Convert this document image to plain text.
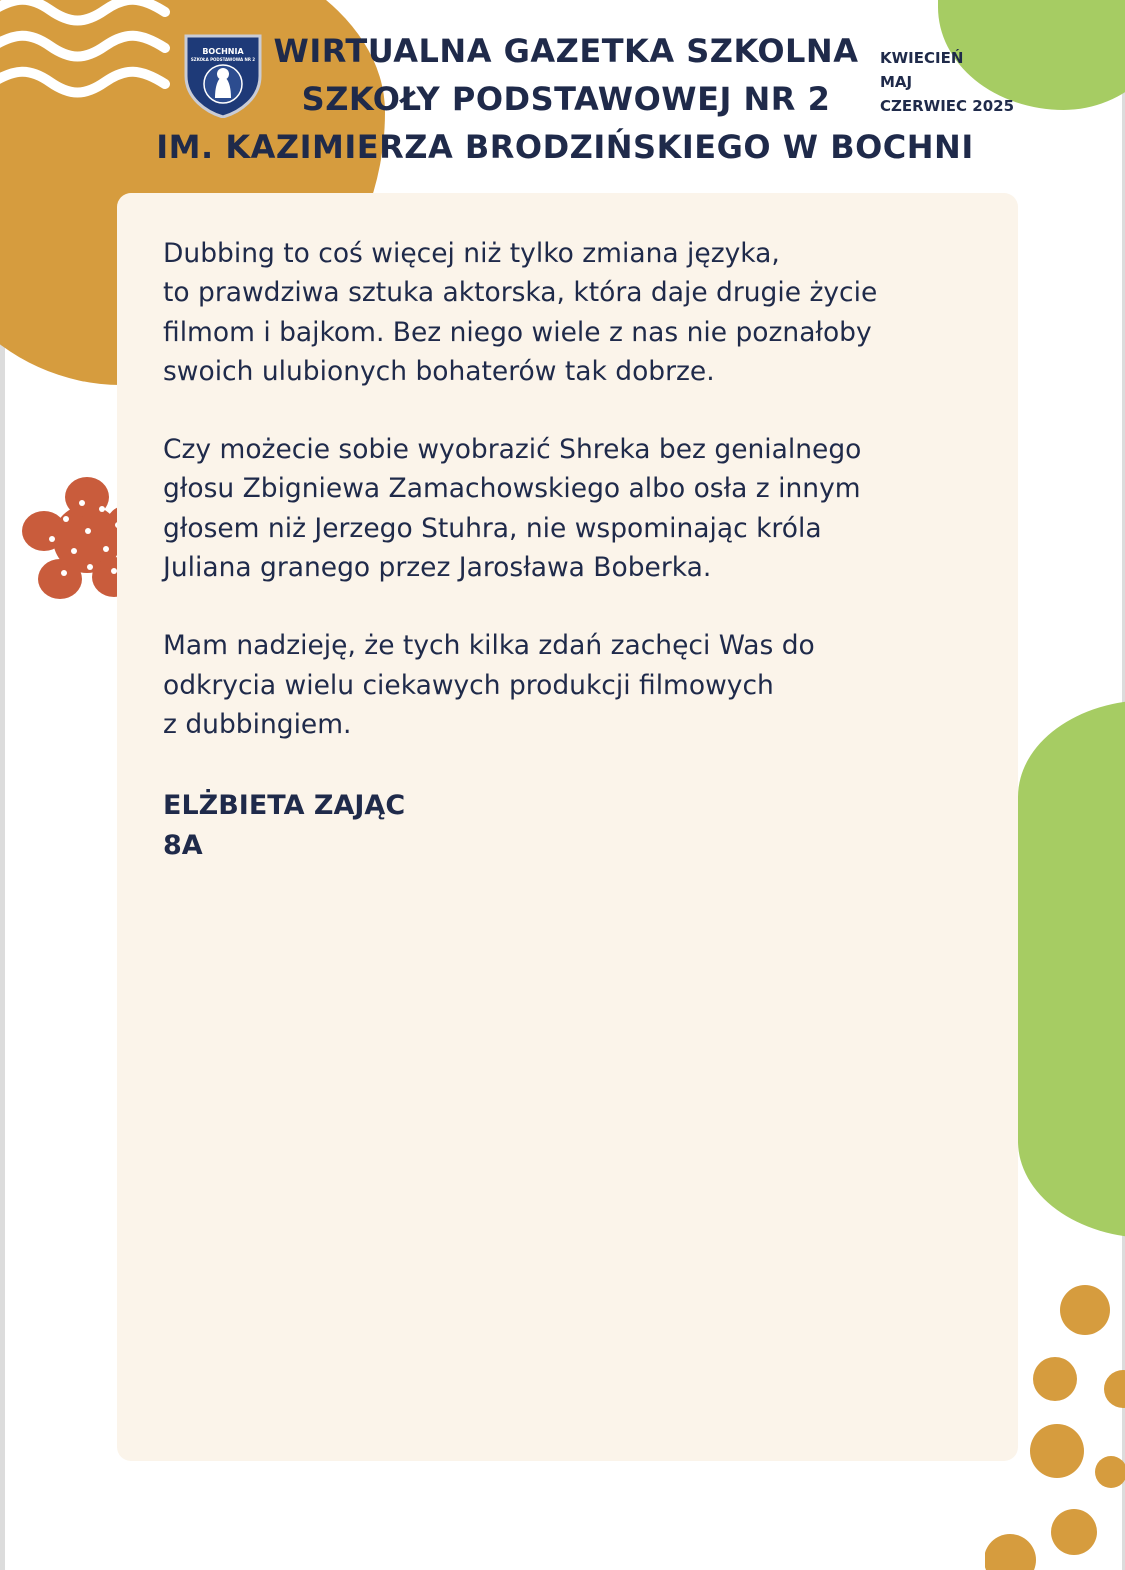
BOCHNIA
SZKOŁA PODSTAWOWA NR 2 WIRTUALNA GAZETKA SZKOLNA
SZKOŁY PODSTAWOWEJ NR 2
IM. KAZIMIERZA BRODZIŃSKIEGO W BOCHNI
KWIECIEŃ
MAJ
CZERWIEC 2025
Dubbing to coś więcej niż tylko zmiana języka,
to prawdziwa sztuka aktorska, która daje drugie życie
filmom i bajkom. Bez niego wiele z nas nie poznałoby
swoich ulubionych bohaterów tak dobrze.
Czy możecie sobie wyobrazić Shreka bez genialnego
głosu Zbigniewa Zamachowskiego albo osła z innym
głosem niż Jerzego Stuhra, nie wspominając króla
Juliana granego przez Jarosława Boberka.
Mam nadzieję, że tych kilka zdań zachęci Was do
odkrycia wielu ciekawych produkcji filmowych
z dubbingiem.
ELŻBIETA ZAJĄC
8A
